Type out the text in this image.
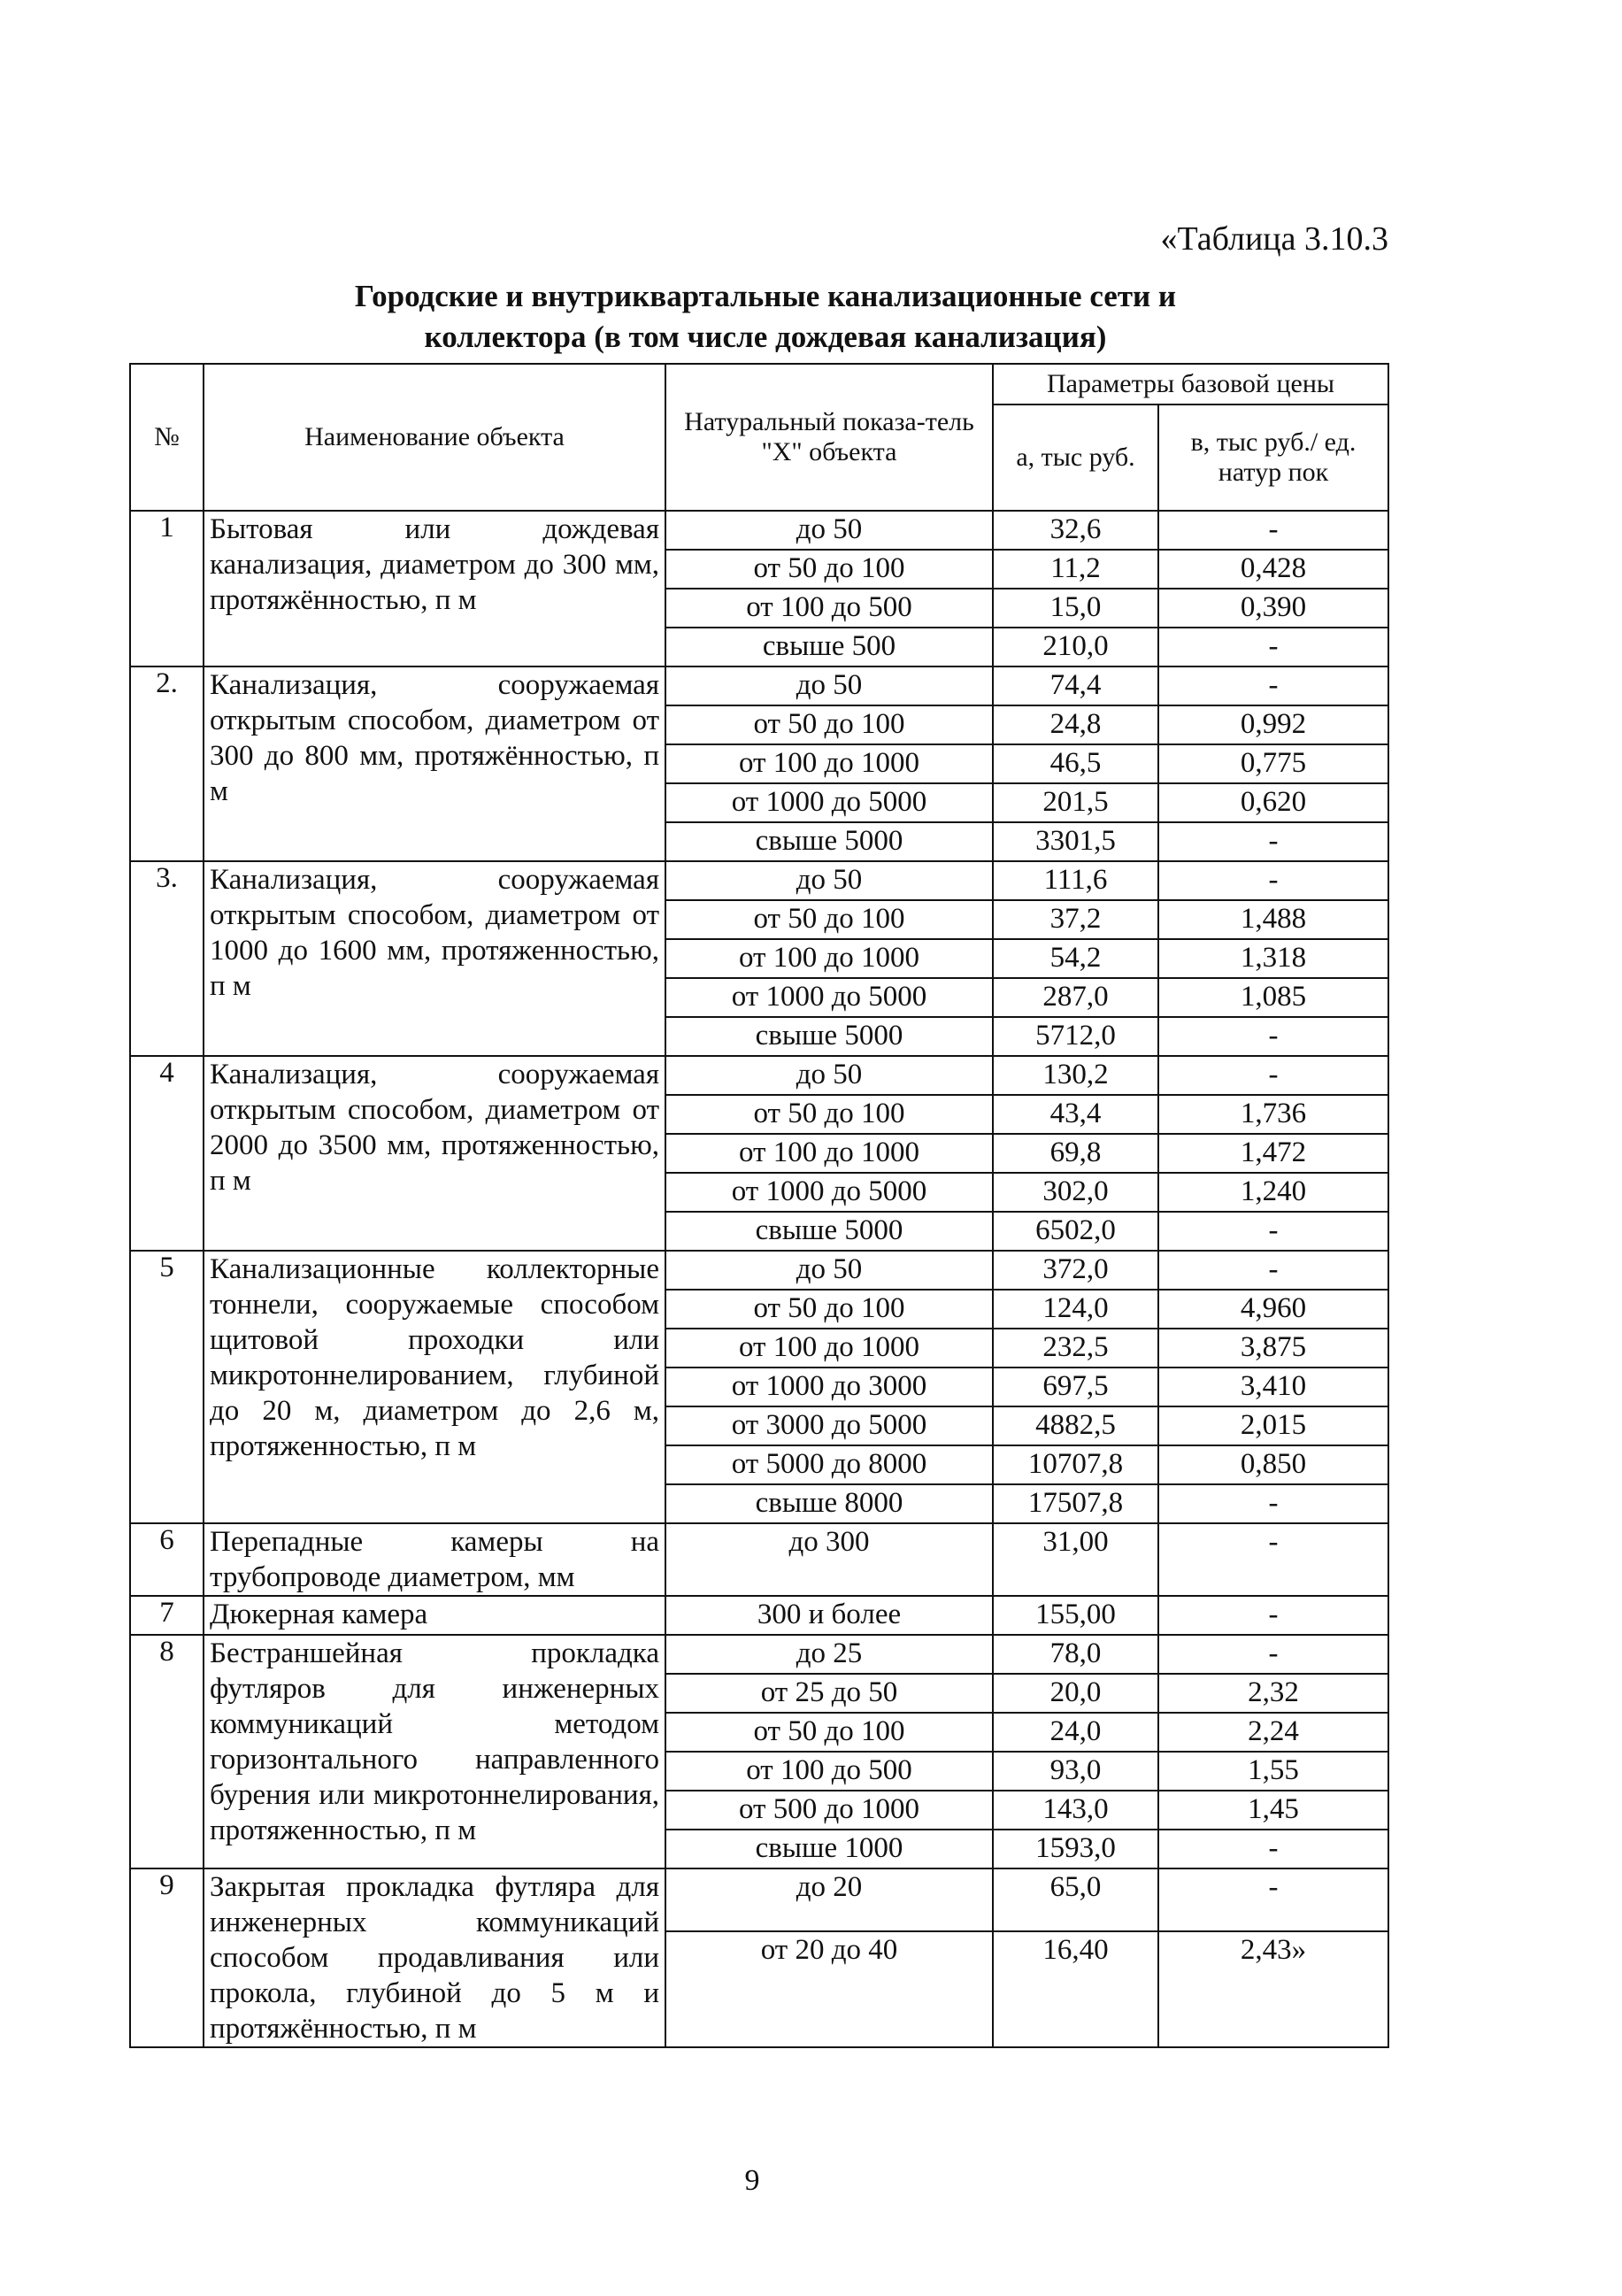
«Таблица 3.10.3
Городские и внутриквартальные канализационные сети и
коллектора (в том числе дождевая канализация)
№	Наименование объекта	Натуральный показа-тель "X" объекта	Параметры базовой цены	
			а, тыс руб.	в, тыс руб./ ед. натур пок
1	Бытовая или дождевая канализация, диаметром до 300 мм, протяжённостью, п м	до 50	32,6	-
		от 50 до 100	11,2	0,428
		от 100 до 500	15,0	0,390
		свыше 500	210,0	-
2.	Канализация, сооружаемая открытым способом, диаметром от 300 до 800 мм, протяжённостью, п м	до 50	74,4	-
		от 50 до 100	24,8	0,992
		от 100 до 1000	46,5	0,775
		от 1000 до 5000	201,5	0,620
		свыше 5000	3301,5	-
3.	Канализация, сооружаемая открытым способом, диаметром от 1000 до 1600 мм, протяженностью, п м	до 50	111,6	-
		от 50 до 100	37,2	1,488
		от 100 до 1000	54,2	1,318
		от 1000 до 5000	287,0	1,085
		свыше 5000	5712,0	-
4	Канализация, сооружаемая открытым способом, диаметром от 2000 до 3500 мм, протяженностью, п м	до 50	130,2	-
		от 50 до 100	43,4	1,736
		от 100 до 1000	69,8	1,472
		от 1000 до 5000	302,0	1,240
		свыше 5000	6502,0	-
5	Канализационные коллекторные тоннели, сооружаемые способом щитовой проходки или микротоннелированием, глубиной до 20 м, диаметром до 2,6 м, протяженностью, п м	до 50	372,0	-
		от 50 до 100	124,0	4,960
		от 100 до 1000	232,5	3,875
		от 1000 до 3000	697,5	3,410
		от 3000 до 5000	4882,5	2,015
		от 5000 до 8000	10707,8	0,850
		свыше 8000	17507,8	-
6	Перепадные камеры на трубопроводе диаметром, мм	до 300	31,00	-
7	Дюкерная камера	300 и более	155,00	-
8	Бестраншейная прокладка футляров для инженерных коммуникаций методом горизонтального направленного бурения или микротоннелирования, протяженностью, п м	до 25	78,0	-
		от 25 до 50	20,0	2,32
		от 50 до 100	24,0	2,24
		от 100 до 500	93,0	1,55
		от 500 до 1000	143,0	1,45
		свыше 1000	1593,0	-
9	Закрытая прокладка футляра для инженерных коммуникаций способом продавливания или прокола, глубиной до 5 м и протяжённостью, п м	до 20	65,0	-
		от 20 до 40	16,40	2,43»
9
